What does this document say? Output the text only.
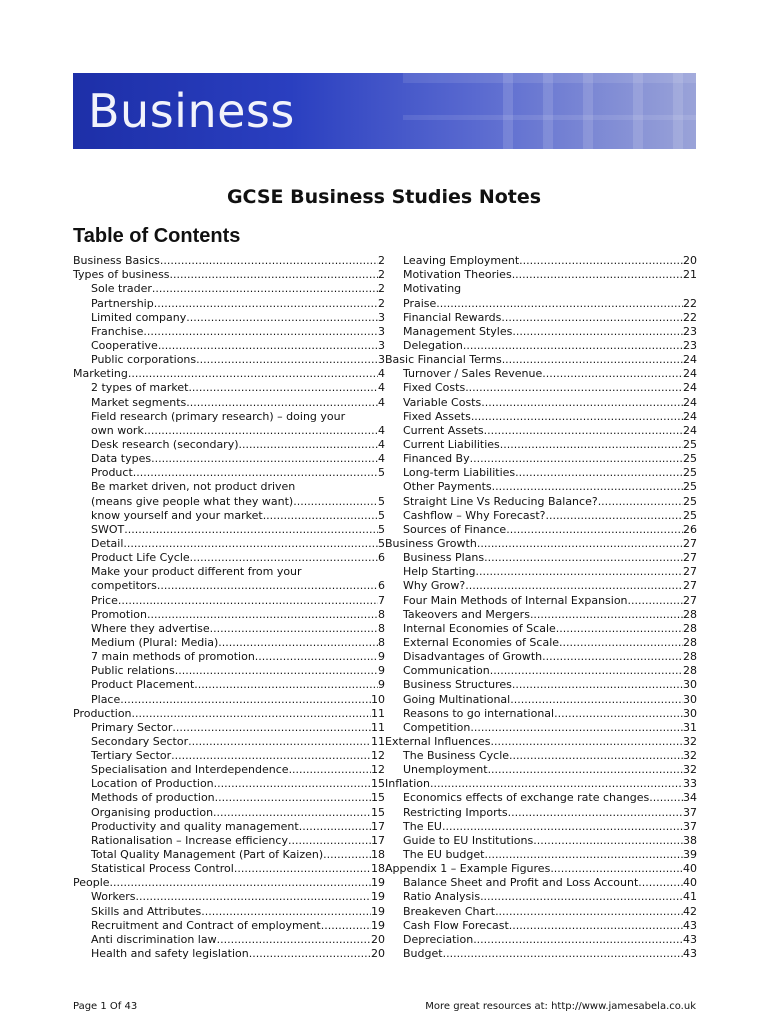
Business
GCSE Business Studies Notes
Table of Contents
Business Basics .....	2
Types of business .....	2
Sole trader .....	2
Partnership .....	2
Limited company .....	3
Franchise .....	3
Cooperative .....	3
Public corporations .....	3
Marketing .....	4
2 types of market .....	4
Market segments .....	4
Field research (primary research) – doing your
own work .....	4
Desk research (secondary) .....	4
Data types .....	4
Product .....	5
Be market driven, not product driven
(means give people what they want) .....	5
know yourself and your market .....	5
SWOT .....	5
Detail .....	5
Product Life Cycle .....	6
Make your product different from your
competitors .....	6
Price .....	7
Promotion .....	8
Where they advertise .....	8
Medium (Plural: Media) .....	8
7 main methods of promotion .....	9
Public relations .....	9
Product Placement .....	9
Place .....	10
Production .....	11
Primary Sector .....	11
Secondary Sector .....	11
Tertiary Sector .....	12
Specialisation and Interdependence .....	12
Location of Production .....	15
Methods of production .....	15
Organising production .....	15
Productivity and quality management .....	17
Rationalisation – Increase efficiency .....	17
Total Quality Management (Part of Kaizen) .....	18
Statistical Process Control .....	18
People .....	19
Workers .....	19
Skills and Attributes .....	19
Recruitment and Contract of employment .....	19
Anti discrimination law .....	20
Health and safety legislation .....	20
Leaving Employment .....	20
Motivation Theories .....	21
Motivating
Praise .....	22
Financial Rewards .....	22
Management Styles .....	23
Delegation .....	23
Basic Financial Terms .....	24
Turnover / Sales Revenue .....	24
Fixed Costs .....	24
Variable Costs .....	24
Fixed Assets .....	24
Current Assets .....	24
Current Liabilities .....	25
Financed By .....	25
Long-term Liabilities .....	25
Other Payments .....	25
Straight Line Vs Reducing Balance? .....	25
Cashflow – Why Forecast? .....	25
Sources of Finance .....	26
Business Growth .....	27
Business Plans .....	27
Help Starting .....	27
Why Grow? .....	27
Four Main Methods of Internal Expansion .....	27
Takeovers and Mergers .....	28
Internal Economies of Scale .....	28
External Economies of Scale .....	28
Disadvantages of Growth .....	28
Communication .....	28
Business Structures .....	30
Going Multinational .....	30
Reasons to go international .....	30
Competition .....	31
External Influences .....	32
The Business Cycle .....	32
Unemployment .....	32
Inflation .....	33
Economics effects of exchange rate changes .....	34
Restricting Imports .....	37
The EU .....	37
Guide to EU Institutions .....	38
The EU budget .....	39
Appendix 1 – Example Figures .....	40
Balance Sheet and Profit and Loss Account .....	40
Ratio Analysis .....	41
Breakeven Chart .....	42
Cash Flow Forecast .....	43
Depreciation .....	43
Budget .....	43
Page 1 Of 43	More great resources at: http://www.jamesabela.co.uk
